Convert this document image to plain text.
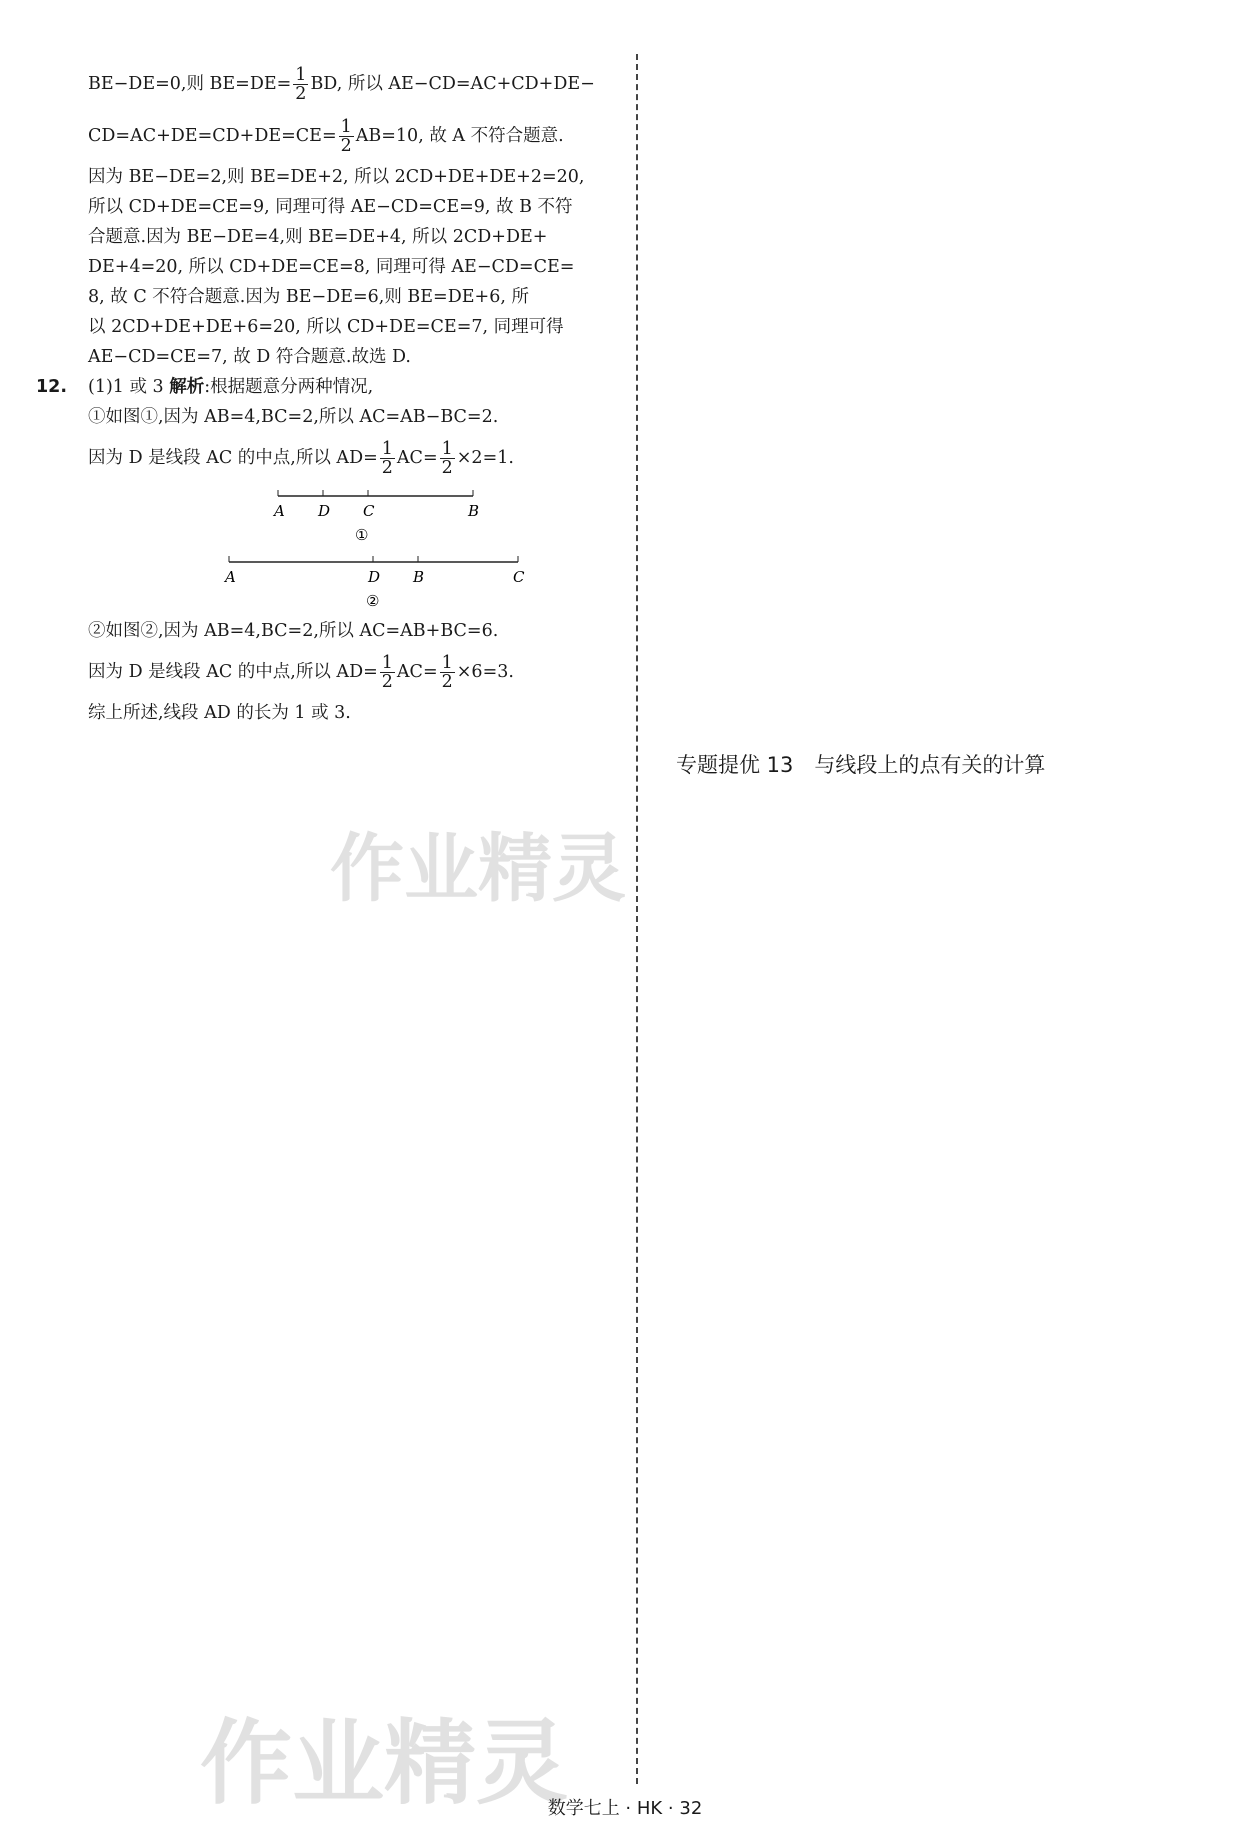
BE−DE=0,则 $BE=DE= \frac{1}{2}$ BD, 所以 AE−CD=AC+CD+DE−
$CD=AC+DE=CD+DE=CE= \frac{1}{2} AB=10$, 故 A 不符合题意.
因为 BE−DE=2,则 BE=DE+2, 所以 2CD+DE+DE+2=20,
所以 CD+DE=CE=9, 同理可得 AE−CD=CE=9, 故 B 不符
合题意.因为 BE−DE=4,则 BE=DE+4, 所以 2CD+DE+
DE+4=20, 所以 CD+DE=CE=8, 同理可得 AE−CD=CE=
8, 故 C 不符合题意.因为 BE−DE=6,则 BE=DE+6, 所
以 2CD+DE+DE+6=20, 所以 CD+DE=CE=7, 同理可得
AE−CD=CE=7, 故 D 符合题意.故选 D.
12. (1)1 或 3 解析:根据题意分两种情况,
①如图①,因为 AB=4,BC=2,所以 AC=AB−BC=2.
因为 D 是线段 AC 的中点,所以 $AD= \frac{1}{2} AC= \frac{1}{2} \times 2=1$.
A D C	B
①
A	D B	C
②
②如图②,因为 AB=4,BC=2,所以 AC=AB+BC=6.
因为 D 是线段 AC 的中点,所以 $AD= \frac{1}{2} AC= \frac{1}{2} \times 6=3$.
综上所述,线段 AD 的长为 1 或 3.
专题提优 13　与线段上的点有关的计算
作业精灵
作业精灵
数学七上 · HK · 32
